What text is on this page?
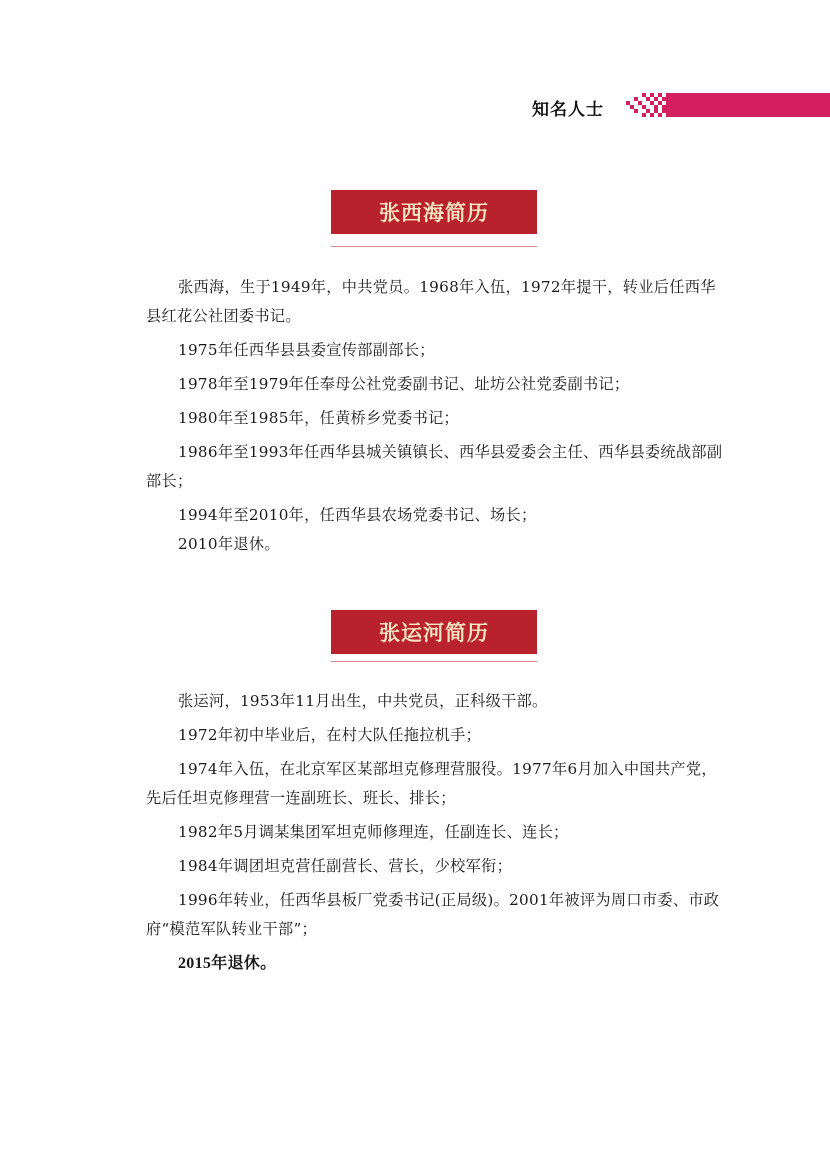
知名人士
张西海简历

张西海，生于1949年，中共党员。1968年入伍，1972年提干，转业后任西华县红花公社团委书记。

1975年任西华县县委宣传部副部长；

1978年至1979年任奉母公社党委副书记、址坊公社党委副书记；

1980年至1985年，任黄桥乡党委书记；

1986年至1993年任西华县城关镇镇长、西华县爱委会主任、西华县委统战部副部长；

1994年至2010年，任西华县农场党委书记、场长；

2010年退休。

张运河简历

张运河，1953年11月出生，中共党员，正科级干部。

1972年初中毕业后，在村大队任拖拉机手；

1974年入伍，在北京军区某部坦克修理营服役。1977年6月加入中国共产党，先后任坦克修理营一连副班长、班长、排长；

1982年5月调某集团军坦克师修理连，任副连长、连长；

1984年调团坦克营任副营长、营长，少校军衔；

1996年转业，任西华县板厂党委书记(正局级)。2001年被评为周口市委、市政府“模范军队转业干部”；

2015年退休。
